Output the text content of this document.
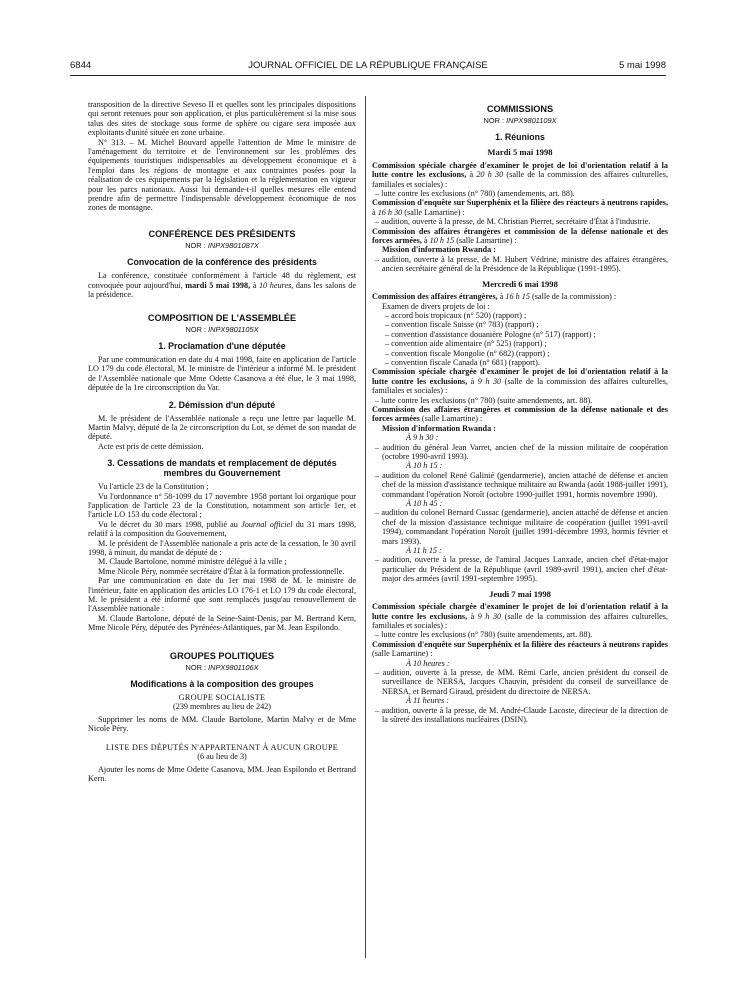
6844	JOURNAL OFFICIEL DE LA RÉPUBLIQUE FRANÇAISE	5 mai 1998

transposition de la directive Seveso II et quelles sont les principales dispositions qui seront retenues pour son application, et plus particulièrement si la mise sous talus des sites de stockage sous forme de sphère ou cigare sera imposée aux exploitants d'unité située en zone urbaine.

N° 313. – M. Michel Bouvard appelle l'attention de Mme le ministre de l'aménagement du territoire et de l'environnement sur les problèmes des équipements touristiques indispensables au développement économique et à l'emploi dans les régions de montagne et aux contraintes posées pour la réalisation de ces équipements par la législation et la réglementation en vigueur pour les parcs nationaux. Aussi lui demande-t-il quelles mesures elle entend prendre afin de permettre l'indispensable développement économique de nos zones de montagne.

CONFÉRENCE DES PRÉSIDENTS
NOR : INPX9801087X
Convocation de la conférence des présidents

La conférence, constituée conformément à l'article 48 du règlement, est convoquée pour aujourd'hui, mardi 5 mai 1998, à 10 heures, dans les salons de la présidence.

COMPOSITION DE L'ASSEMBLÉE
NOR : INPX9801105X
1. Proclamation d'une députée

Par une communication en date du 4 mai 1998, faite en application de l'article LO 179 du code électoral, M. le ministre de l'intérieur a informé M. le président de l'Assemblée nationale que Mme Odette Casanova a été élue, le 3 mai 1998, députée de la 1re circonscription du Var.

2. Démission d'un député

M. le président de l'Assemblée nationale a reçu une lettre par laquelle M. Martin Malvy, député de la 2e circonscription du Lot, se démet de son mandat de député.

Acte est pris de cette démission.

3. Cessations de mandats et remplacement de députés membres du Gouvernement

Vu l'article 23 de la Constitution ;

Vu l'ordonnance n° 58-1099 du 17 novembre 1958 portant loi organique pour l'application de l'article 23 de la Constitution, notamment son article 1er, et l'article LO 153 du code électoral ;

Vu le décret du 30 mars 1998, publié au Journal officiel du 31 mars 1998, relatif à la composition du Gouvernement,

M. le président de l'Assemblée nationale a pris acte de la cessation, le 30 avril 1998, à minuit, du mandat de député de :

M. Claude Bartolone, nommé ministre délégué à la ville ;

Mme Nicole Péry, nommée secrétaire d'État à la formation professionnelle.

Par une communication en date du 1er mai 1998 de M. le ministre de l'intérieur, faite en application des articles LO 176-1 et LO 179 du code électoral, M. le président a été informé que sont remplacés jusqu'au renouvellement de l'Assemblée nationale :

M. Claude Bartolone, député de la Seine-Saint-Denis, par M. Bertrand Kern, Mme Nicole Péry, députée des Pyrénées-Atlantiques, par M. Jean Espilondo.

GROUPES POLITIQUES
NOR : INPX9801106X
Modifications à la composition des groupes
GROUPE SOCIALISTE
(239 membres au lieu de 242)

Supprimer les noms de MM. Claude Bartolone, Martin Malvy et de Mme Nicole Péry.

LISTE DES DÉPUTÉS N'APPARTENANT À AUCUN GROUPE
(6 au lieu de 3)

Ajouter les noms de Mme Odette Casanova, MM. Jean Espilondo et Bertrand Kern.

COMMISSIONS
NOR : INPX9801109X
1. Réunions
Mardi 5 mai 1998

Commission spéciale chargée d'examiner le projet de loi d'orientation relatif à la lutte contre les exclusions, à 20 h 30 (salle de la commission des affaires culturelles, familiales et sociales) :

– lutte contre les exclusions (n° 780) (amendements, art. 88).

Commission d'enquête sur Superphénix et la filière des réacteurs à neutrons rapides, à 16 h 30 (salle Lamartine) :

– audition, ouverte à la presse, de M. Christian Pierret, secrétaire d'État à l'industrie.

Commission des affaires étrangères et commission de la défense nationale et des forces armées, à 10 h 15 (salle Lamartine) :

Mission d'information Rwanda :

– audition, ouverte à la presse, de M. Hubert Védrine, ministre des affaires étrangères, ancien secrétaire général de la Présidence de la République (1991-1995).

Mercredi 6 mai 1998

Commission des affaires étrangères, à 16 h 15 (salle de la commission) :

Examen de divers projets de loi :

– accord bois tropicaux (n° 520) (rapport) ;

– convention fiscale Suisse (n° 783) (rapport) ;

– convention d'assistance douanière Pologne (n° 517) (rapport) ;

– convention aide alimentaire (n° 525) (rapport) ;

– convention fiscale Mongolie (n° 682) (rapport) ;

– convention fiscale Canada (n° 681) (rapport).

Commission spéciale chargée d'examiner le projet de loi d'orientation relatif à la lutte contre les exclusions, à 9 h 30 (salle de la commission des affaires culturelles, familiales et sociales) :

– lutte contre les exclusions (n° 780) (suite amendements, art. 88).

Commission des affaires étrangères et commission de la défense nationale et des forces armées (salle Lamartine) :

Mission d'information Rwanda :

À 9 h 30 :

– audition du général Jean Varret, ancien chef de la mission militaire de coopération (octobre 1990-avril 1993).

À 10 h 15 :

– audition du colonel René Galinié (gendarmerie), ancien attaché de défense et ancien chef de la mission d'assistance technique militaire au Rwanda (août 1988-juillet 1991), commandant l'opération Noroît (octobre 1990-juillet 1991, hormis novembre 1990).

À 10 h 45 :

– audition du colonel Bernard Cussac (gendarmerie), ancien attaché de défense et ancien chef de la mission d'assistance technique militaire de coopération (juillet 1991-avril 1994), commandant l'opération Noroît (juillet 1991-décembre 1993, hormis février et mars 1993).

À 11 h 15 :

– audition, ouverte à la presse, de l'amiral Jacques Lanxade, ancien chef d'état-major particulier du Président de la République (avril 1989-avril 1991), ancien chef d'état-major des armées (avril 1991-septembre 1995).

Jeudi 7 mai 1998

Commission spéciale chargée d'examiner le projet de loi d'orientation relatif à la lutte contre les exclusions, à 9 h 30 (salle de la commission des affaires culturelles, familiales et sociales) :

– lutte contre les exclusions (n° 780) (suite amendements, art. 88).

Commission d'enquête sur Superphénix et la filière des réacteurs à neutrons rapides (salle Lamartine) :

À 10 heures :

– audition, ouverte à la presse, de MM. Rémi Carle, ancien président du conseil de surveillance de NERSA, Jacques Chauvin, président du conseil de surveillance de NERSA, et Bernard Giraud, président du directoire de NERSA.

À 11 heures :

– audition, ouverte à la presse, de M. André-Claude Lacoste, directeur de la direction de la sûreté des installations nucléaires (DSIN).
